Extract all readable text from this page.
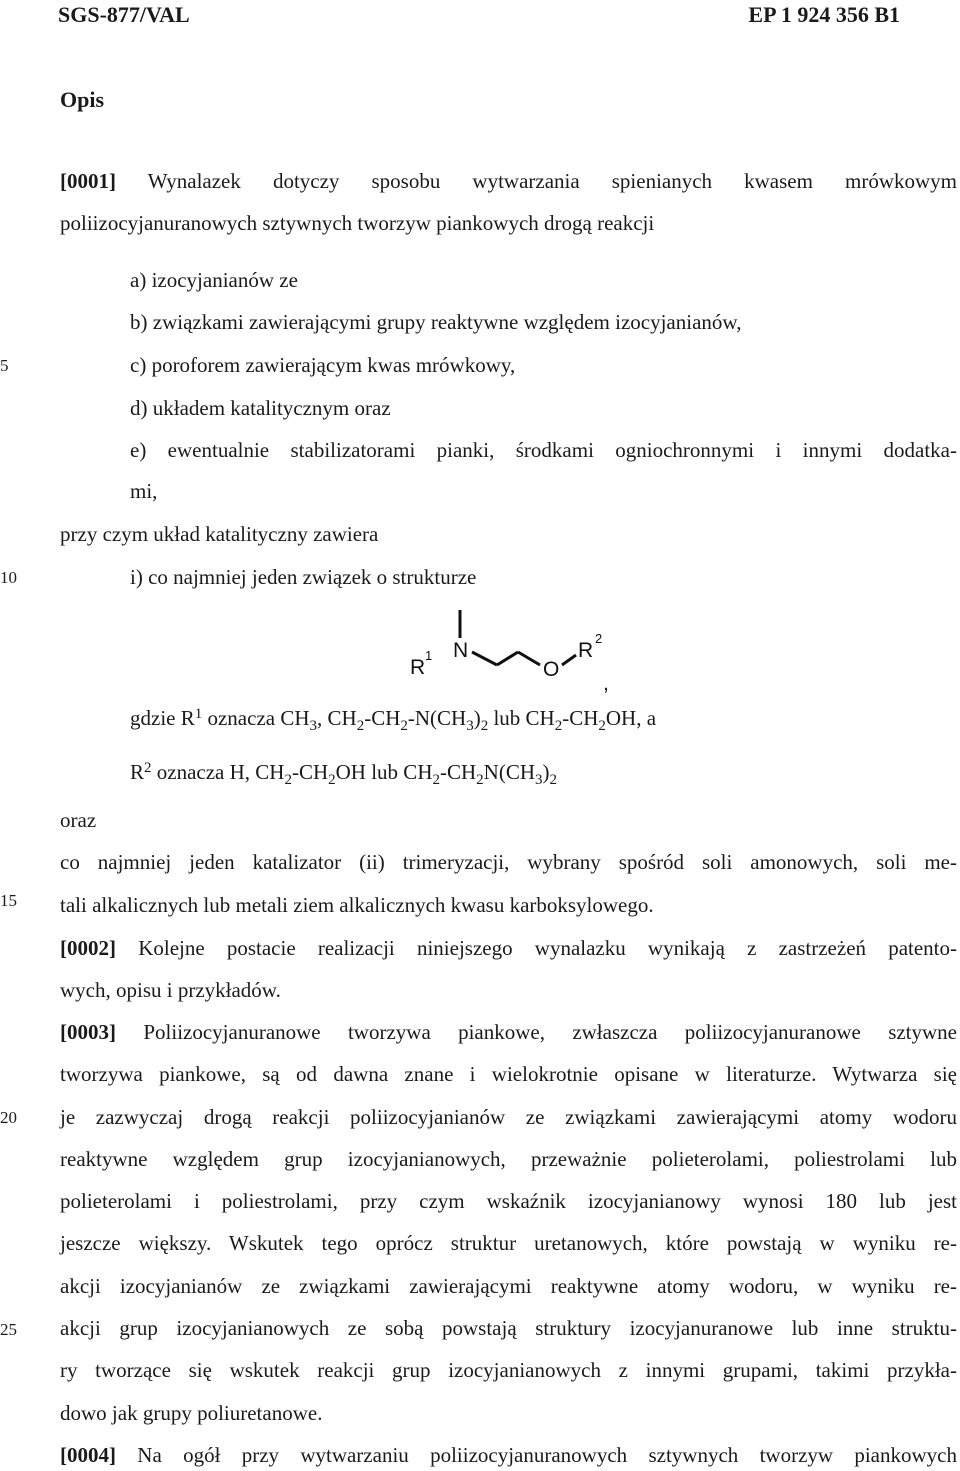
SGS-877/VAL	EP 1 924 356 B1
Opis
5
10
15
20
25
[0001] Wynalazek dotyczy sposobu wytwarzania spienianych kwasem mrówkowym
poliizocyjanuranowych sztywnych tworzyw piankowych drogą reakcji
a) izocyjanianów ze
b) związkami zawierającymi grupy reaktywne względem izocyjanianów,
c) poroforem zawierającym kwas mrówkowy,
d) układem katalitycznym oraz
e) ewentualnie stabilizatorami pianki, środkami ogniochronnymi i innymi dodatka-
mi,
przy czym układ katalityczny zawiera
i) co najmniej jeden związek o strukturze
R
1 N
O
R
2
,
gdzie $R^1$ oznacza $CH_3$, $CH_2-CH_2-N(CH_3)_2$ lub $CH_2-CH_2OH$, a
$R^2$ oznacza H, $CH_2-CH_2OH$ lub $CH_2-CH_2N(CH_3)_2$
oraz
co najmniej jeden katalizator (ii) trimeryzacji, wybrany spośród soli amonowych, soli me-
tali alkalicznych lub metali ziem alkalicznych kwasu karboksylowego.
[0002] Kolejne postacie realizacji niniejszego wynalazku wynikają z zastrzeżeń patento-
wych, opisu i przykładów.
[0003] Poliizocyjanuranowe tworzywa piankowe, zwłaszcza poliizocyjanuranowe sztywne
tworzywa piankowe, są od dawna znane i wielokrotnie opisane w literaturze. Wytwarza się
je zazwyczaj drogą reakcji poliizocyjanianów ze związkami zawierającymi atomy wodoru
reaktywne względem grup izocyjanianowych, przeważnie polieterolami, poliestrolami lub
polieterolami i poliestrolami, przy czym wskaźnik izocyjanianowy wynosi 180 lub jest
jeszcze większy. Wskutek tego oprócz struktur uretanowych, które powstają w wyniku re-
akcji izocyjanianów ze związkami zawierającymi reaktywne atomy wodoru, w wyniku re-
akcji grup izocyjanianowych ze sobą powstają struktury izocyjanuranowe lub inne struktu-
ry tworzące się wskutek reakcji grup izocyjanianowych z innymi grupami, takimi przykła-
dowo jak grupy poliuretanowe.
[0004] Na ogół przy wytwarzaniu poliizocyjanuranowych sztywnych tworzyw piankowych
